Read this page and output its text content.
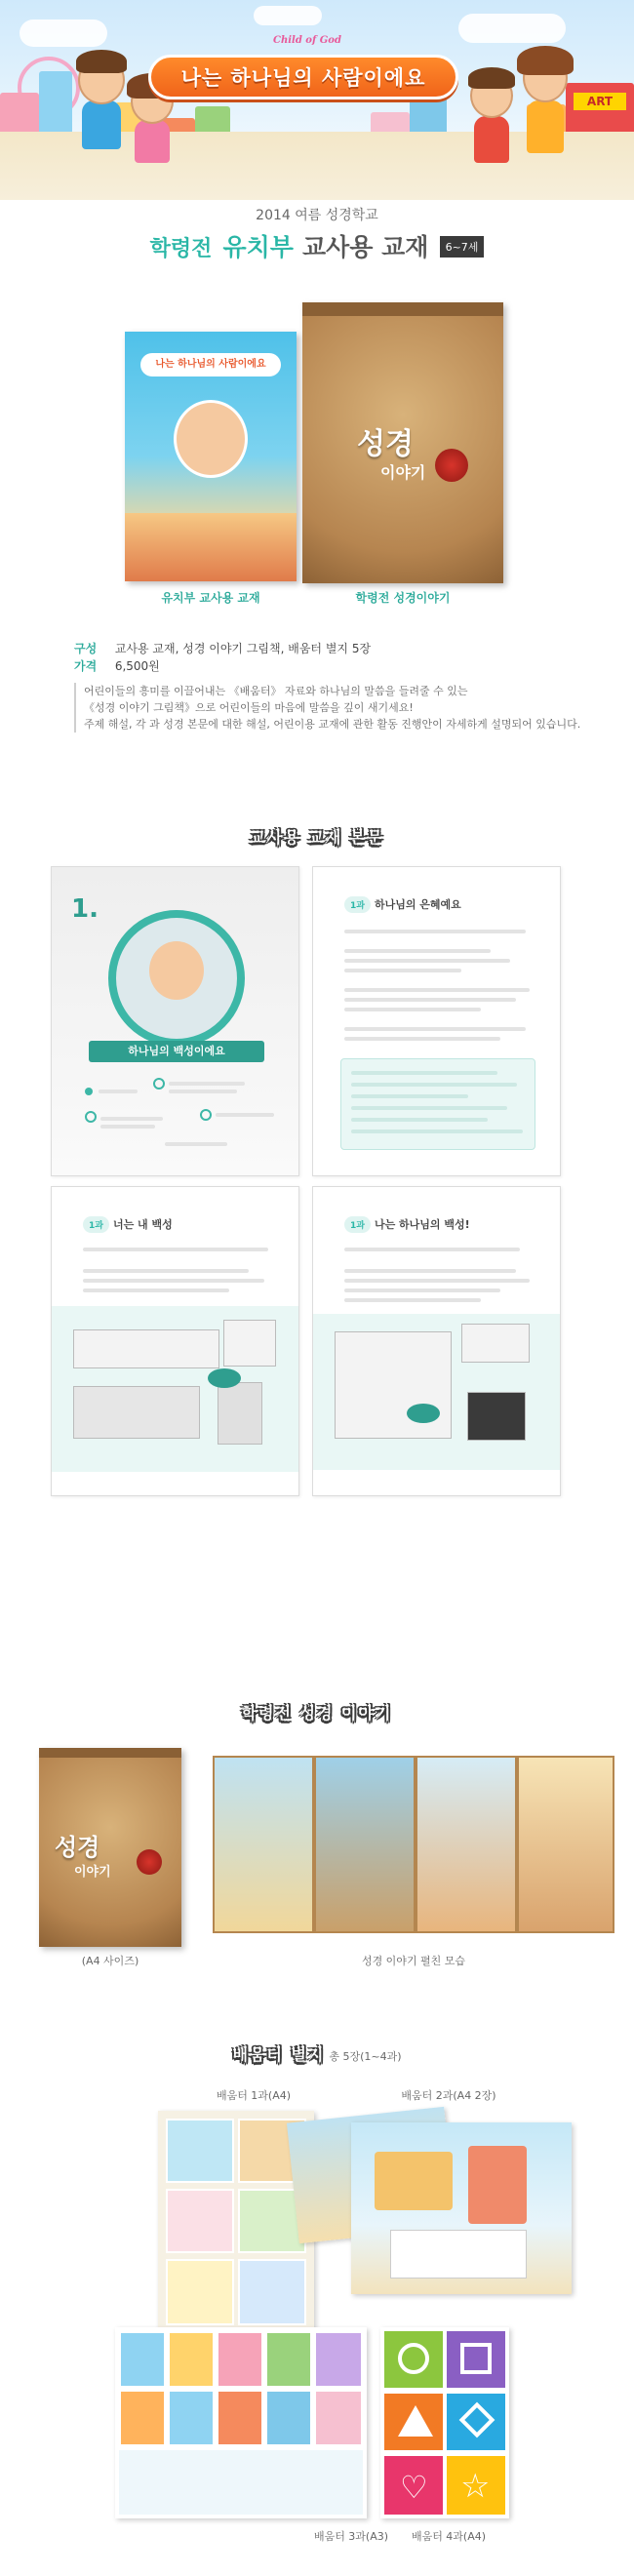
ART
Child of God
나는 하나님의 사람이에요
2014 여름 성경학교
학령전 유치부 교사용 교재 6~7세
나는 하나님의 사람이에요
유치부 교사용 교재
성경
이야기
학령전 성경이야기
구성 교사용 교재, 성경 이야기 그림책, 배움터 별지 5장
가격 6,500원
어린이들의 흥미를 이끌어내는 《배움터》 자료와 하나님의 말씀을 들려줄 수 있는
《성경 이야기 그림책》으로 어린이들의 마음에 말씀을 깊이 새기세요!
주제 해설, 각 과 성경 본문에 대한 해설, 어린이용 교재에 관한 활동 진행안이 자세하게 설명되어 있습니다.
교사용 교재 본문
1.
하나님의 백성이에요
1과 하나님의 은혜예요
1과 너는 내 백성	1과 나는 하나님의 백성!
학령전 성경 이야기
성경
이야기
(A4 사이즈)	성경 이야기 펼친 모습
배움터 별지 총 5장(1~4과)
배움터 1과(A4)	배움터 2과(A4 2장)
배움터 3과(A3)
♡ ☆
배움터 4과(A4)
